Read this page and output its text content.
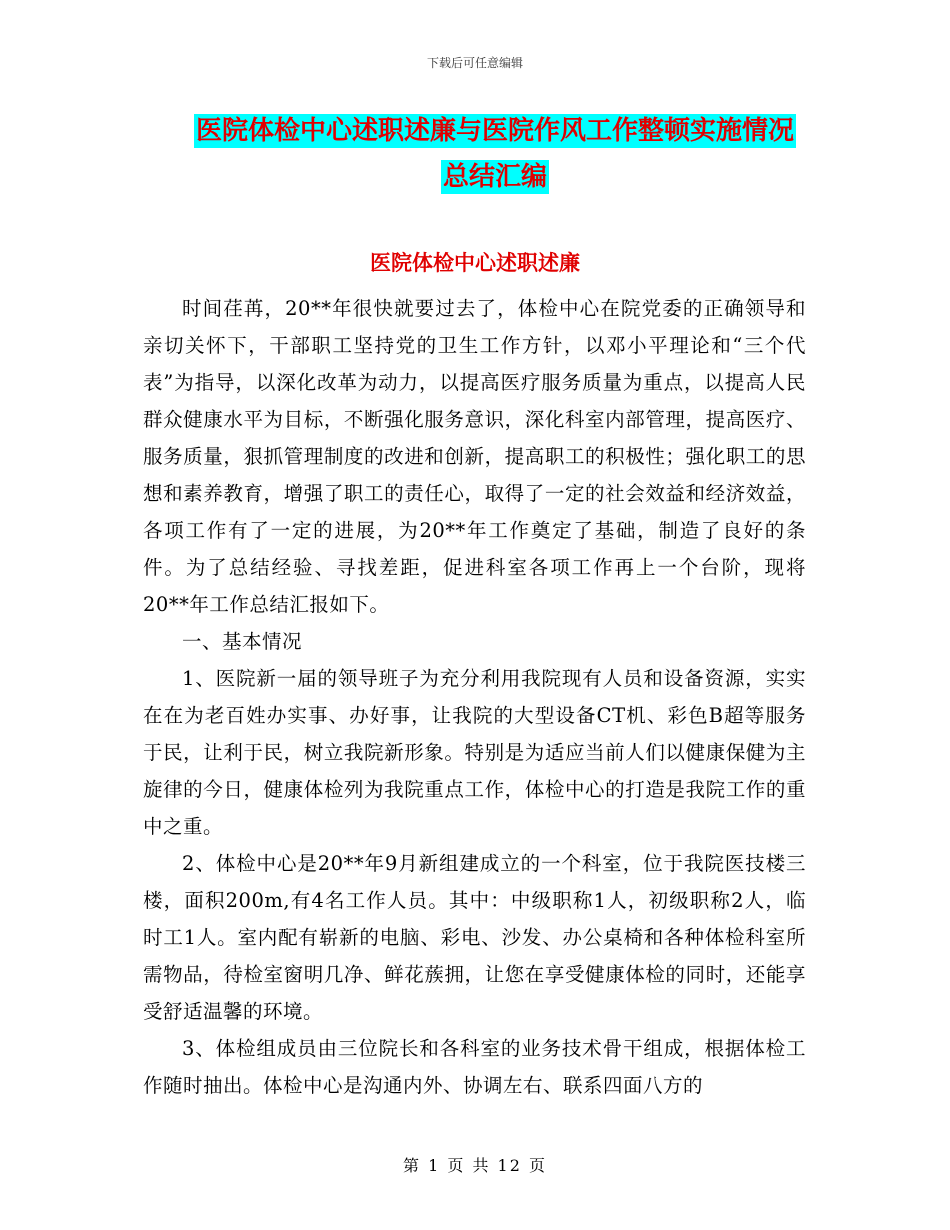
下载后可任意编辑
医院体检中心述职述廉与医院作风工作整顿实施情况
总结汇编
医院体检中心述职述廉

时间荏苒，20**年很快就要过去了，体检中心在院党委的正确领导和亲切关怀下，干部职工坚持党的卫生工作方针，以邓小平理论和“三个代表”为指导，以深化改革为动力，以提高医疗服务质量为重点，以提高人民群众健康水平为目标，不断强化服务意识，深化科室内部管理，提高医疗、服务质量，狠抓管理制度的改进和创新，提高职工的积极性；强化职工的思想和素养教育，增强了职工的责任心，取得了一定的社会效益和经济效益，各项工作有了一定的进展，为20**年工作奠定了基础，制造了良好的条件。为了总结经验、寻找差距，促进科室各项工作再上一个台阶，现将20**年工作总结汇报如下。

一、基本情况

1、医院新一届的领导班子为充分利用我院现有人员和设备资源，实实在在为老百姓办实事、办好事，让我院的大型设备CT机、彩色B超等服务于民，让利于民，树立我院新形象。特别是为适应当前人们以健康保健为主旋律的今日，健康体检列为我院重点工作，体检中心的打造是我院工作的重中之重。

2、体检中心是20**年9月新组建成立的一个科室，位于我院医技楼三楼，面积200m,有4名工作人员。其中：中级职称1人，初级职称2人，临时工1人。室内配有崭新的电脑、彩电、沙发、办公桌椅和各种体检科室所需物品，待检室窗明几净、鲜花蔟拥，让您在享受健康体检的同时，还能享受舒适温馨的环境。

3、体检组成员由三位院长和各科室的业务技术骨干组成，根据体检工作随时抽出。体检中心是沟通内外、协调左右、联系四面八方的

第 1 页 共 12 页
